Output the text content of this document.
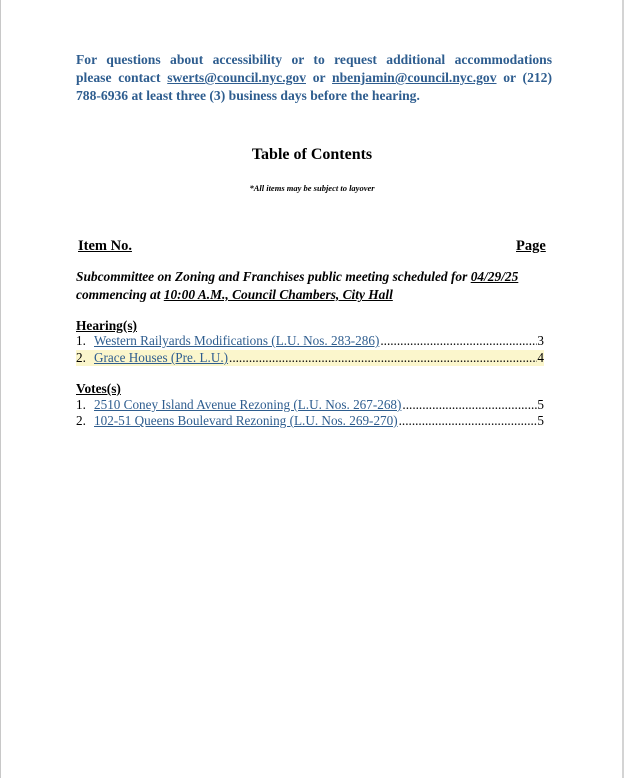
For questions about accessibility or to request additional accommodations
please contact swerts@council.nyc.gov or nbenjamin@council.nyc.gov or (212)
788-6936 at least three (3) business days before the hearing.
Table of Contents
*All items may be subject to layover
Item No.	Page
Subcommittee on Zoning and Franchises public meeting scheduled for 04/29/25
commencing at 10:00 A.M., Council Chambers, City Hall
Hearing(s)
1. Western Railyards Modifications (L.U. Nos. 283-286) .....	3
2. Grace Houses (Pre. L.U.) .....	4
Votes(s)
1. 2510 Coney Island Avenue Rezoning (L.U. Nos. 267-268) .....	5
2. 102-51 Queens Boulevard Rezoning (L.U. Nos. 269-270) .....	5
